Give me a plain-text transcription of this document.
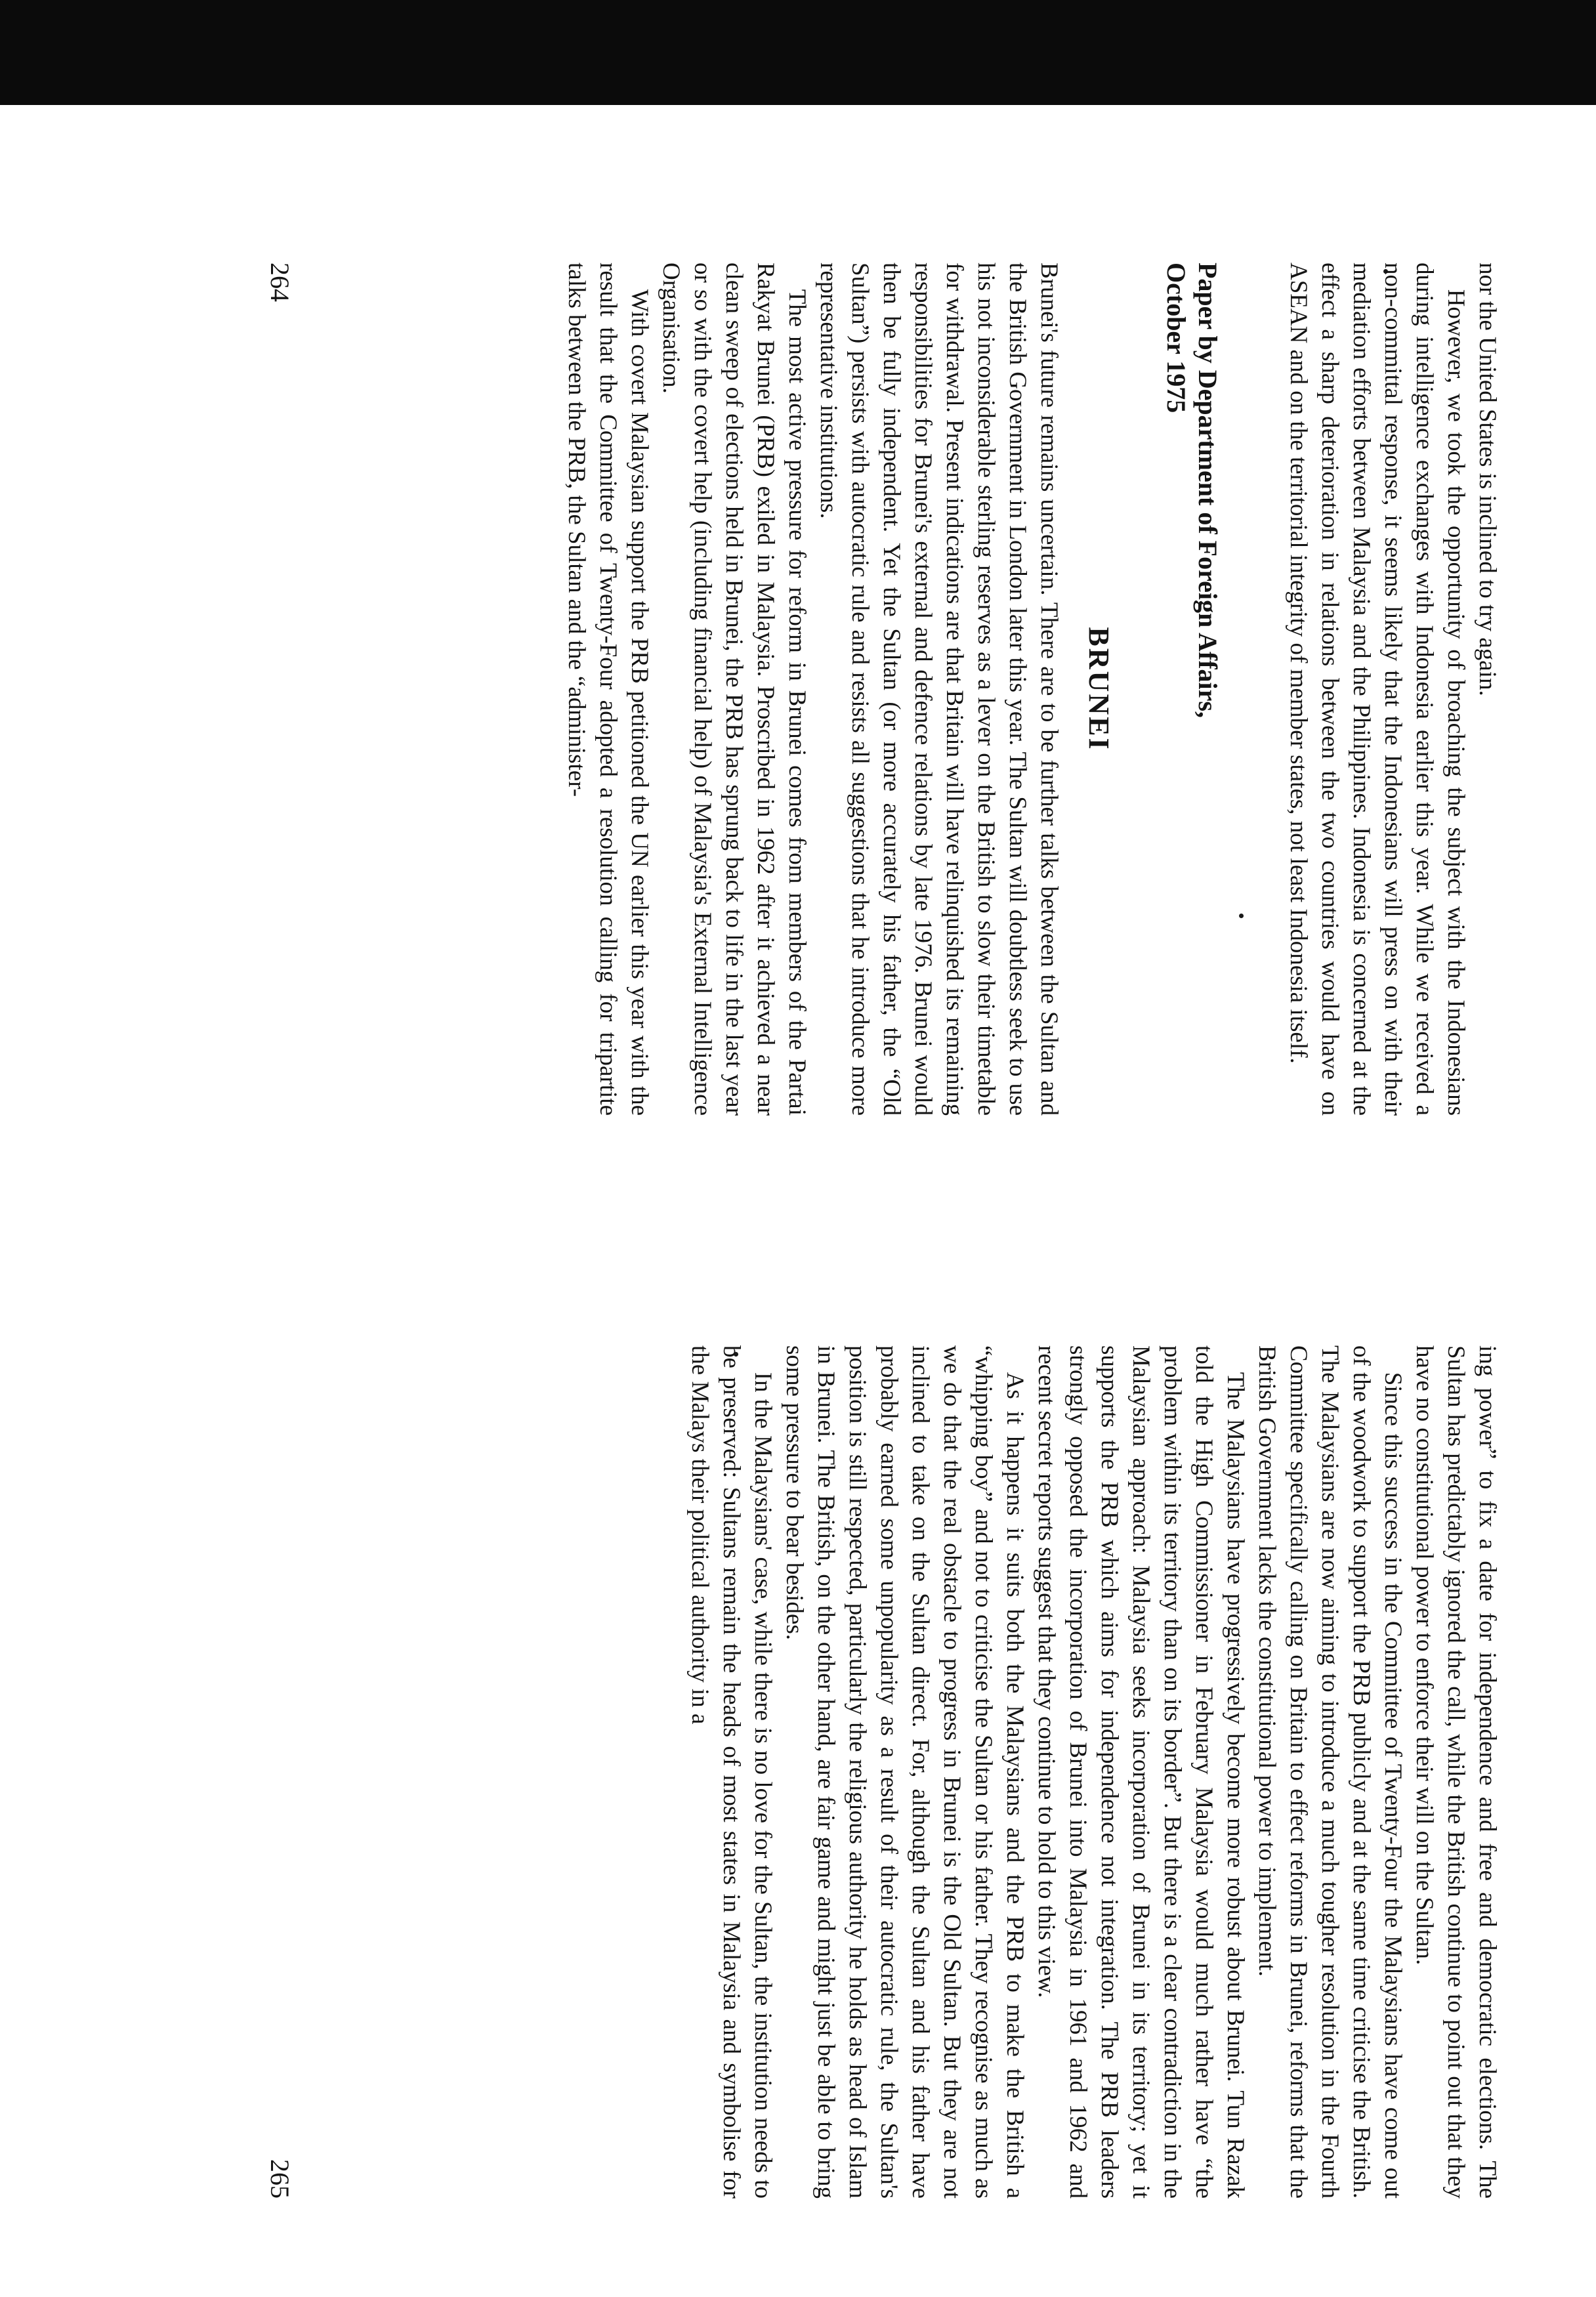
nor the United States is inclined to try again.

However, we took the opportunity of broaching the subject with the Indonesians during intelligence exchanges with Indonesia earlier this year. While we received a non-committal response, it seems likely that the Indonesians will press on with their mediation efforts between Malaysia and the Philippines. Indonesia is concerned at the effect a sharp deterioration in relations between the two countries would have on ASEAN and on the territorial integrity of member states, not least Indonesia itself.

Paper by Department of Foreign Affairs,
October 1975
BRUNEI

Brunei's future remains uncertain. There are to be further talks between the Sultan and the British Government in London later this year. The Sultan will doubtless seek to use his not inconsiderable sterling reserves as a lever on the British to slow their timetable for withdrawal. Present indications are that Britain will have relinquished its remaining responsibilities for Brunei's external and defence relations by late 1976. Brunei would then be fully independent. Yet the Sultan (or more accurately his father, the “Old Sultan”) persists with autocratic rule and resists all suggestions that he introduce more representative institutions.

The most active pressure for reform in Brunei comes from members of the Partai Rakyat Brunei (PRB) exiled in Malaysia. Proscribed in 1962 after it achieved a near clean sweep of elections held in Brunei, the PRB has sprung back to life in the last year or so with the covert help (including financial help) of Malaysia's External Intelligence Organisation.

With covert Malaysian support the PRB petitioned the UN earlier this year with the result that the Committee of Twenty-Four adopted a resolution calling for tripartite talks between the PRB, the Sultan and the “administer-

264

ing power” to fix a date for independence and free and democratic elections. The Sultan has predictably ignored the call, while the British continue to point out that they have no constitutional power to enforce their will on the Sultan.

Since this success in the Committee of Twenty-Four the Malaysians have come out of the woodwork to support the PRB publicly and at the same time criticise the British. The Malaysians are now aiming to introduce a much tougher resolution in the Fourth Committee specifically calling on Britain to effect reforms in Brunei, reforms that the British Government lacks the constitutional power to implement.

The Malaysians have progressively become more robust about Brunei. Tun Razak told the High Commissioner in February Malaysia would much rather have “the problem within its territory than on its border”. But there is a clear contradiction in the Malaysian approach: Malaysia seeks incorporation of Brunei in its territory; yet it supports the PRB which aims for independence not integration. The PRB leaders strongly opposed the incorporation of Brunei into Malaysia in 1961 and 1962 and recent secret reports suggest that they continue to hold to this view.

As it happens it suits both the Malaysians and the PRB to make the British a “whipping boy” and not to criticise the Sultan or his father. They recognise as much as we do that the real obstacle to progress in Brunei is the Old Sultan. But they are not inclined to take on the Sultan direct. For, although the Sultan and his father have probably earned some unpopularity as a result of their autocratic rule, the Sultan's position is still respected, particularly the religious authority he holds as head of Islam in Brunei. The British, on the other hand, are fair game and might just be able to bring some pressure to bear besides.

In the Malaysians' case, while there is no love for the Sultan, the institution needs to be preserved: Sultans remain the heads of most states in Malaysia and symbolise for the Malays their political authority in a

265
